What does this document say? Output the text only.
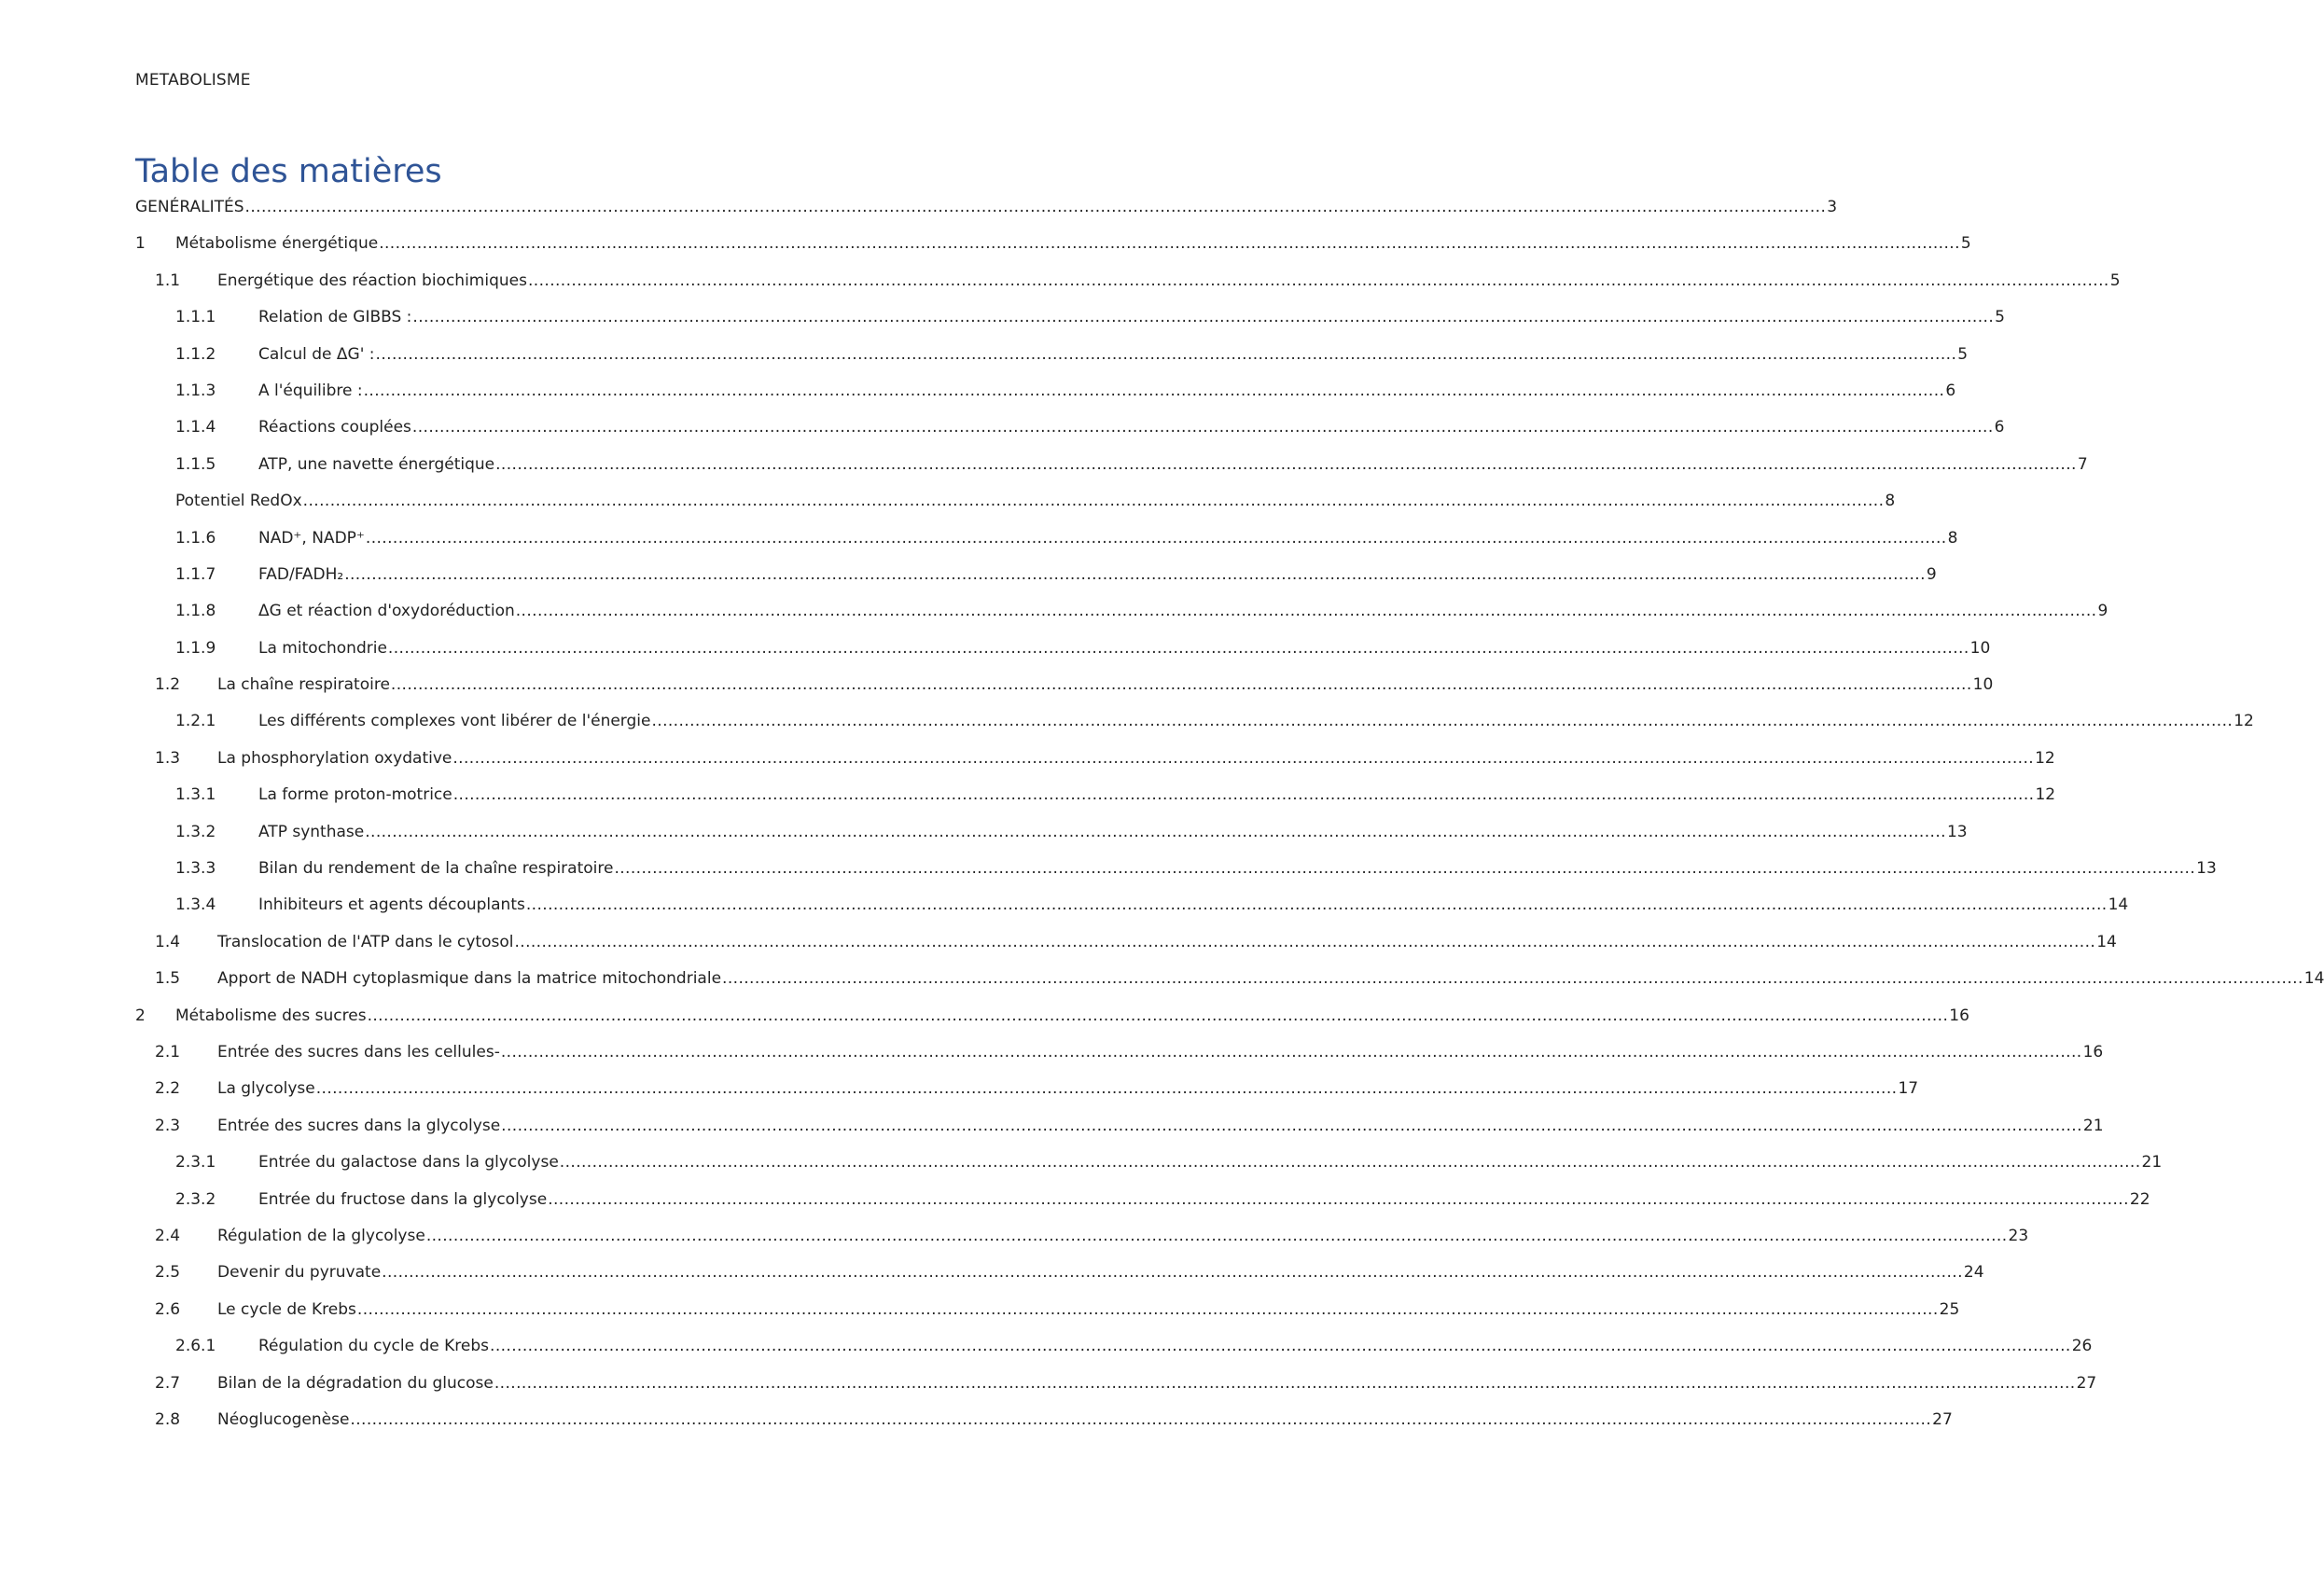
METABOLISME
Table des matières
GENÉRALITÉS .....	3
1	Métabolisme énergétique .....	5
1.1	Energétique des réaction biochimiques .....	5
1.1.1	Relation de GIBBS : .....	5
1.1.2	Calcul de ΔG' : .....	5
1.1.3	A l'équilibre : .....	6
1.1.4	Réactions couplées .....	6
1.1.5	ATP, une navette énergétique .....	7
Potentiel RedOx .....	8
1.1.6	NAD⁺, NADP⁺ .....	8
1.1.7	FAD/FADH₂ .....	9
1.1.8	ΔG et réaction d'oxydoréduction .....	9
1.1.9	La mitochondrie .....	10
1.2	La chaîne respiratoire .....	10
1.2.1	Les différents complexes vont libérer de l'énergie .....	12
1.3	La phosphorylation oxydative .....	12
1.3.1	La forme proton-motrice .....	12
1.3.2	ATP synthase .....	13
1.3.3	Bilan du rendement de la chaîne respiratoire .....	13
1.3.4	Inhibiteurs et agents découplants .....	14
1.4	Translocation de l'ATP dans le cytosol .....	14
1.5	Apport de NADH cytoplasmique dans la matrice mitochondriale .....	14
2	Métabolisme des sucres .....	16
2.1	Entrée des sucres dans les cellules- .....	16
2.2	La glycolyse .....	17
2.3	Entrée des sucres dans la glycolyse .....	21
2.3.1	Entrée du galactose dans la glycolyse .....	21
2.3.2	Entrée du fructose dans la glycolyse .....	22
2.4	Régulation de la glycolyse .....	23
2.5	Devenir du pyruvate .....	24
2.6	Le cycle de Krebs .....	25
2.6.1	Régulation du cycle de Krebs .....	26
2.7	Bilan de la dégradation du glucose .....	27
2.8	Néoglucogenèse .....	27
